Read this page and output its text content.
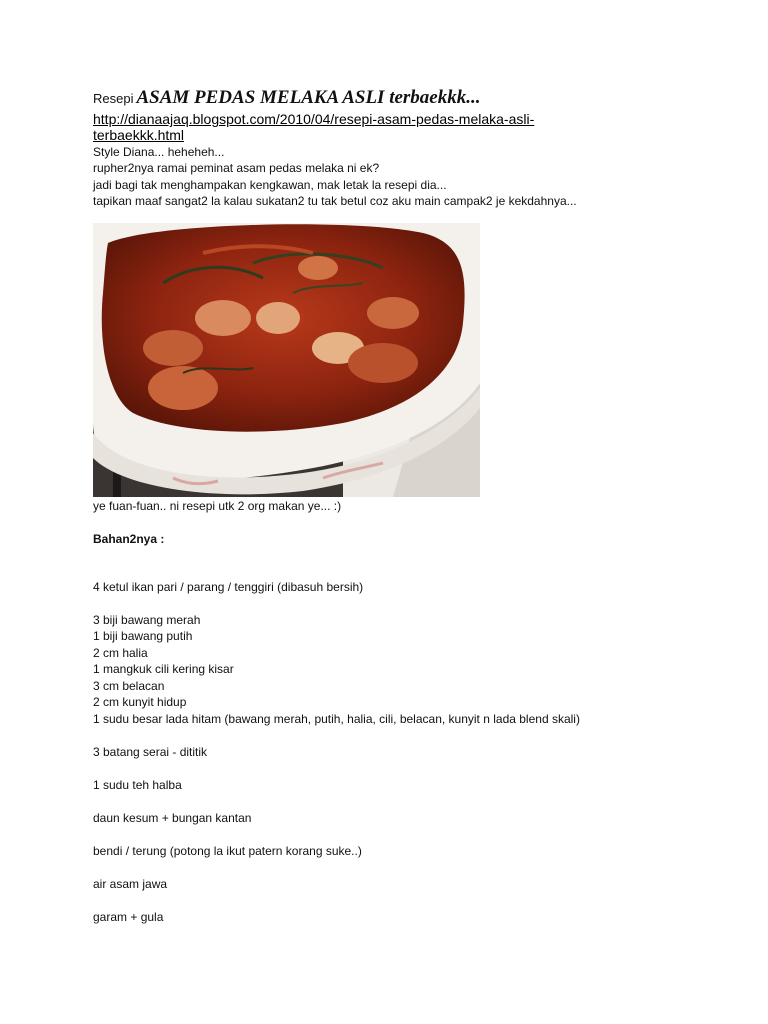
Resepi ASAM PEDAS MELAKA ASLI terbaekkk...
http://dianaajaq.blogspot.com/2010/04/resepi-asam-pedas-melaka-asli-terbaekkk.html

Style Diana... heheheh...

rupher2nya ramai peminat asam pedas melaka ni ek?

jadi bagi tak menghampakan kengkawan, mak letak la resepi dia...

tapikan maaf sangat2 la kalau sukatan2 tu tak betul coz aku main campak2 je kekdahnya...

ye fuan-fuan.. ni resepi utk 2 org makan ye... :)
Bahan2nya :
4 ketul ikan pari / parang / tenggiri (dibasuh bersih)
3 biji bawang merah
1 biji bawang putih
2 cm halia
1 mangkuk cili kering kisar
3 cm belacan
2 cm kunyit hidup
1 sudu besar lada hitam (bawang merah, putih, halia, cili, belacan, kunyit n lada blend skali)
3 batang serai - dititik
1 sudu teh halba
daun kesum + bungan kantan
bendi / terung (potong la ikut patern korang suke..)
air asam jawa
garam + gula
